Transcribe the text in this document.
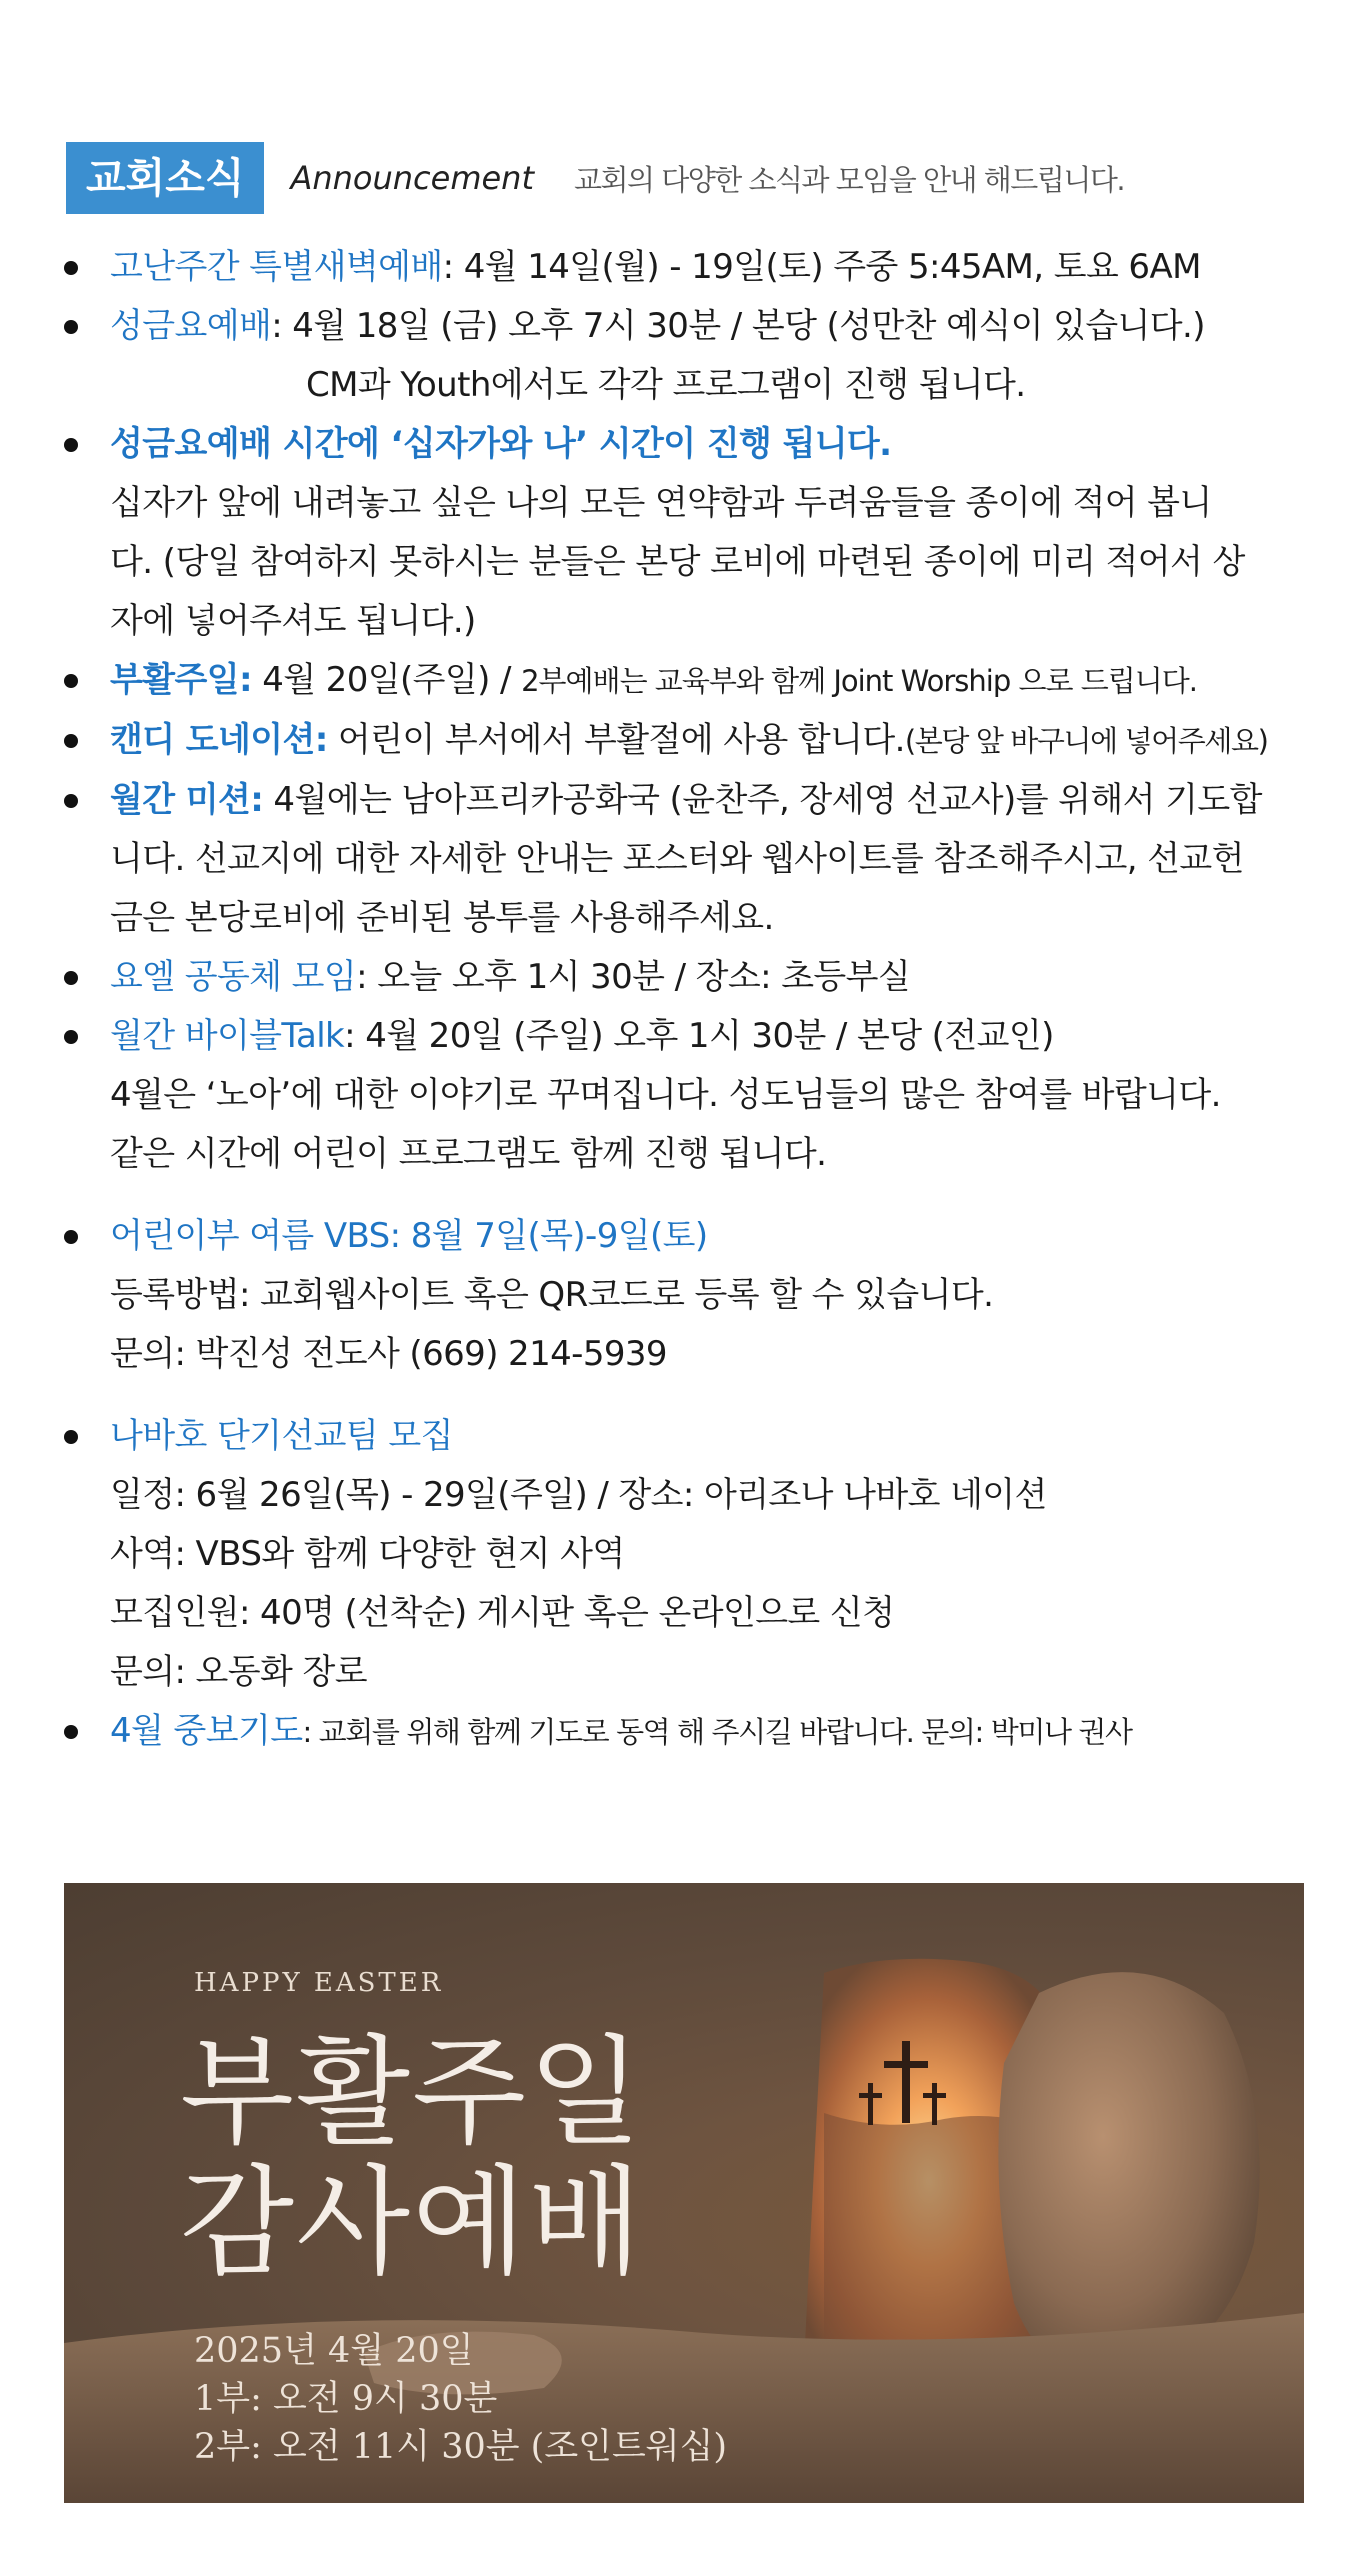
교회소식	Announcement 교회의 다양한 소식과 모임을 안내 해드립니다.
고난주간 특별새벽예배: 4월 14일(월) - 19일(토) 주중 5:45AM, 토요 6AM
성금요예배: 4월 18일 (금) 오후 7시 30분 / 본당 (성만찬 예식이 있습니다.)
CM과 Youth에서도 각각 프로그램이 진행 됩니다.
성금요예배 시간에 ‘십자가와 나’ 시간이 진행 됩니다.
십자가 앞에 내려놓고 싶은 나의 모든 연약함과 두려움들을 종이에 적어 봅니
다. (당일 참여하지 못하시는 분들은 본당 로비에 마련된 종이에 미리 적어서 상
자에 넣어주셔도 됩니다.)
부활주일: 4월 20일(주일) / 2부예배는 교육부와 함께 Joint Worship 으로 드립니다.
캔디 도네이션: 어린이 부서에서 부활절에 사용 합니다.(본당 앞 바구니에 넣어주세요)
월간 미션: 4월에는 남아프리카공화국 (윤찬주, 장세영 선교사)를 위해서 기도합
니다. 선교지에 대한 자세한 안내는 포스터와 웹사이트를 참조해주시고, 선교헌
금은 본당로비에 준비된 봉투를 사용해주세요.
요엘 공동체 모임: 오늘 오후 1시 30분 / 장소: 초등부실
월간 바이블Talk: 4월 20일 (주일) 오후 1시 30분 / 본당 (전교인)
4월은 ‘노아’에 대한 이야기로 꾸며집니다. 성도님들의 많은 참여를 바랍니다.
같은 시간에 어린이 프로그램도 함께 진행 됩니다.
어린이부 여름 VBS: 8월 7일(목)-9일(토)
등록방법: 교회웹사이트 혹은 QR코드로 등록 할 수 있습니다.
문의: 박진성 전도사 (669) 214-5939
나바호 단기선교팀 모집
일정: 6월 26일(목) - 29일(주일) / 장소: 아리조나 나바호 네이션
사역: VBS와 함께 다양한 현지 사역
모집인원: 40명 (선착순) 게시판 혹은 온라인으로 신청
문의: 오동화 장로
4월 중보기도: 교회를 위해 함께 기도로 동역 해 주시길 바랍니다. 문의: 박미나 권사
HAPPY EASTER
부활주일
감사예배
2025년 4월 20일
1부: 오전 9시 30분
2부: 오전 11시 30분 (조인트워십)
